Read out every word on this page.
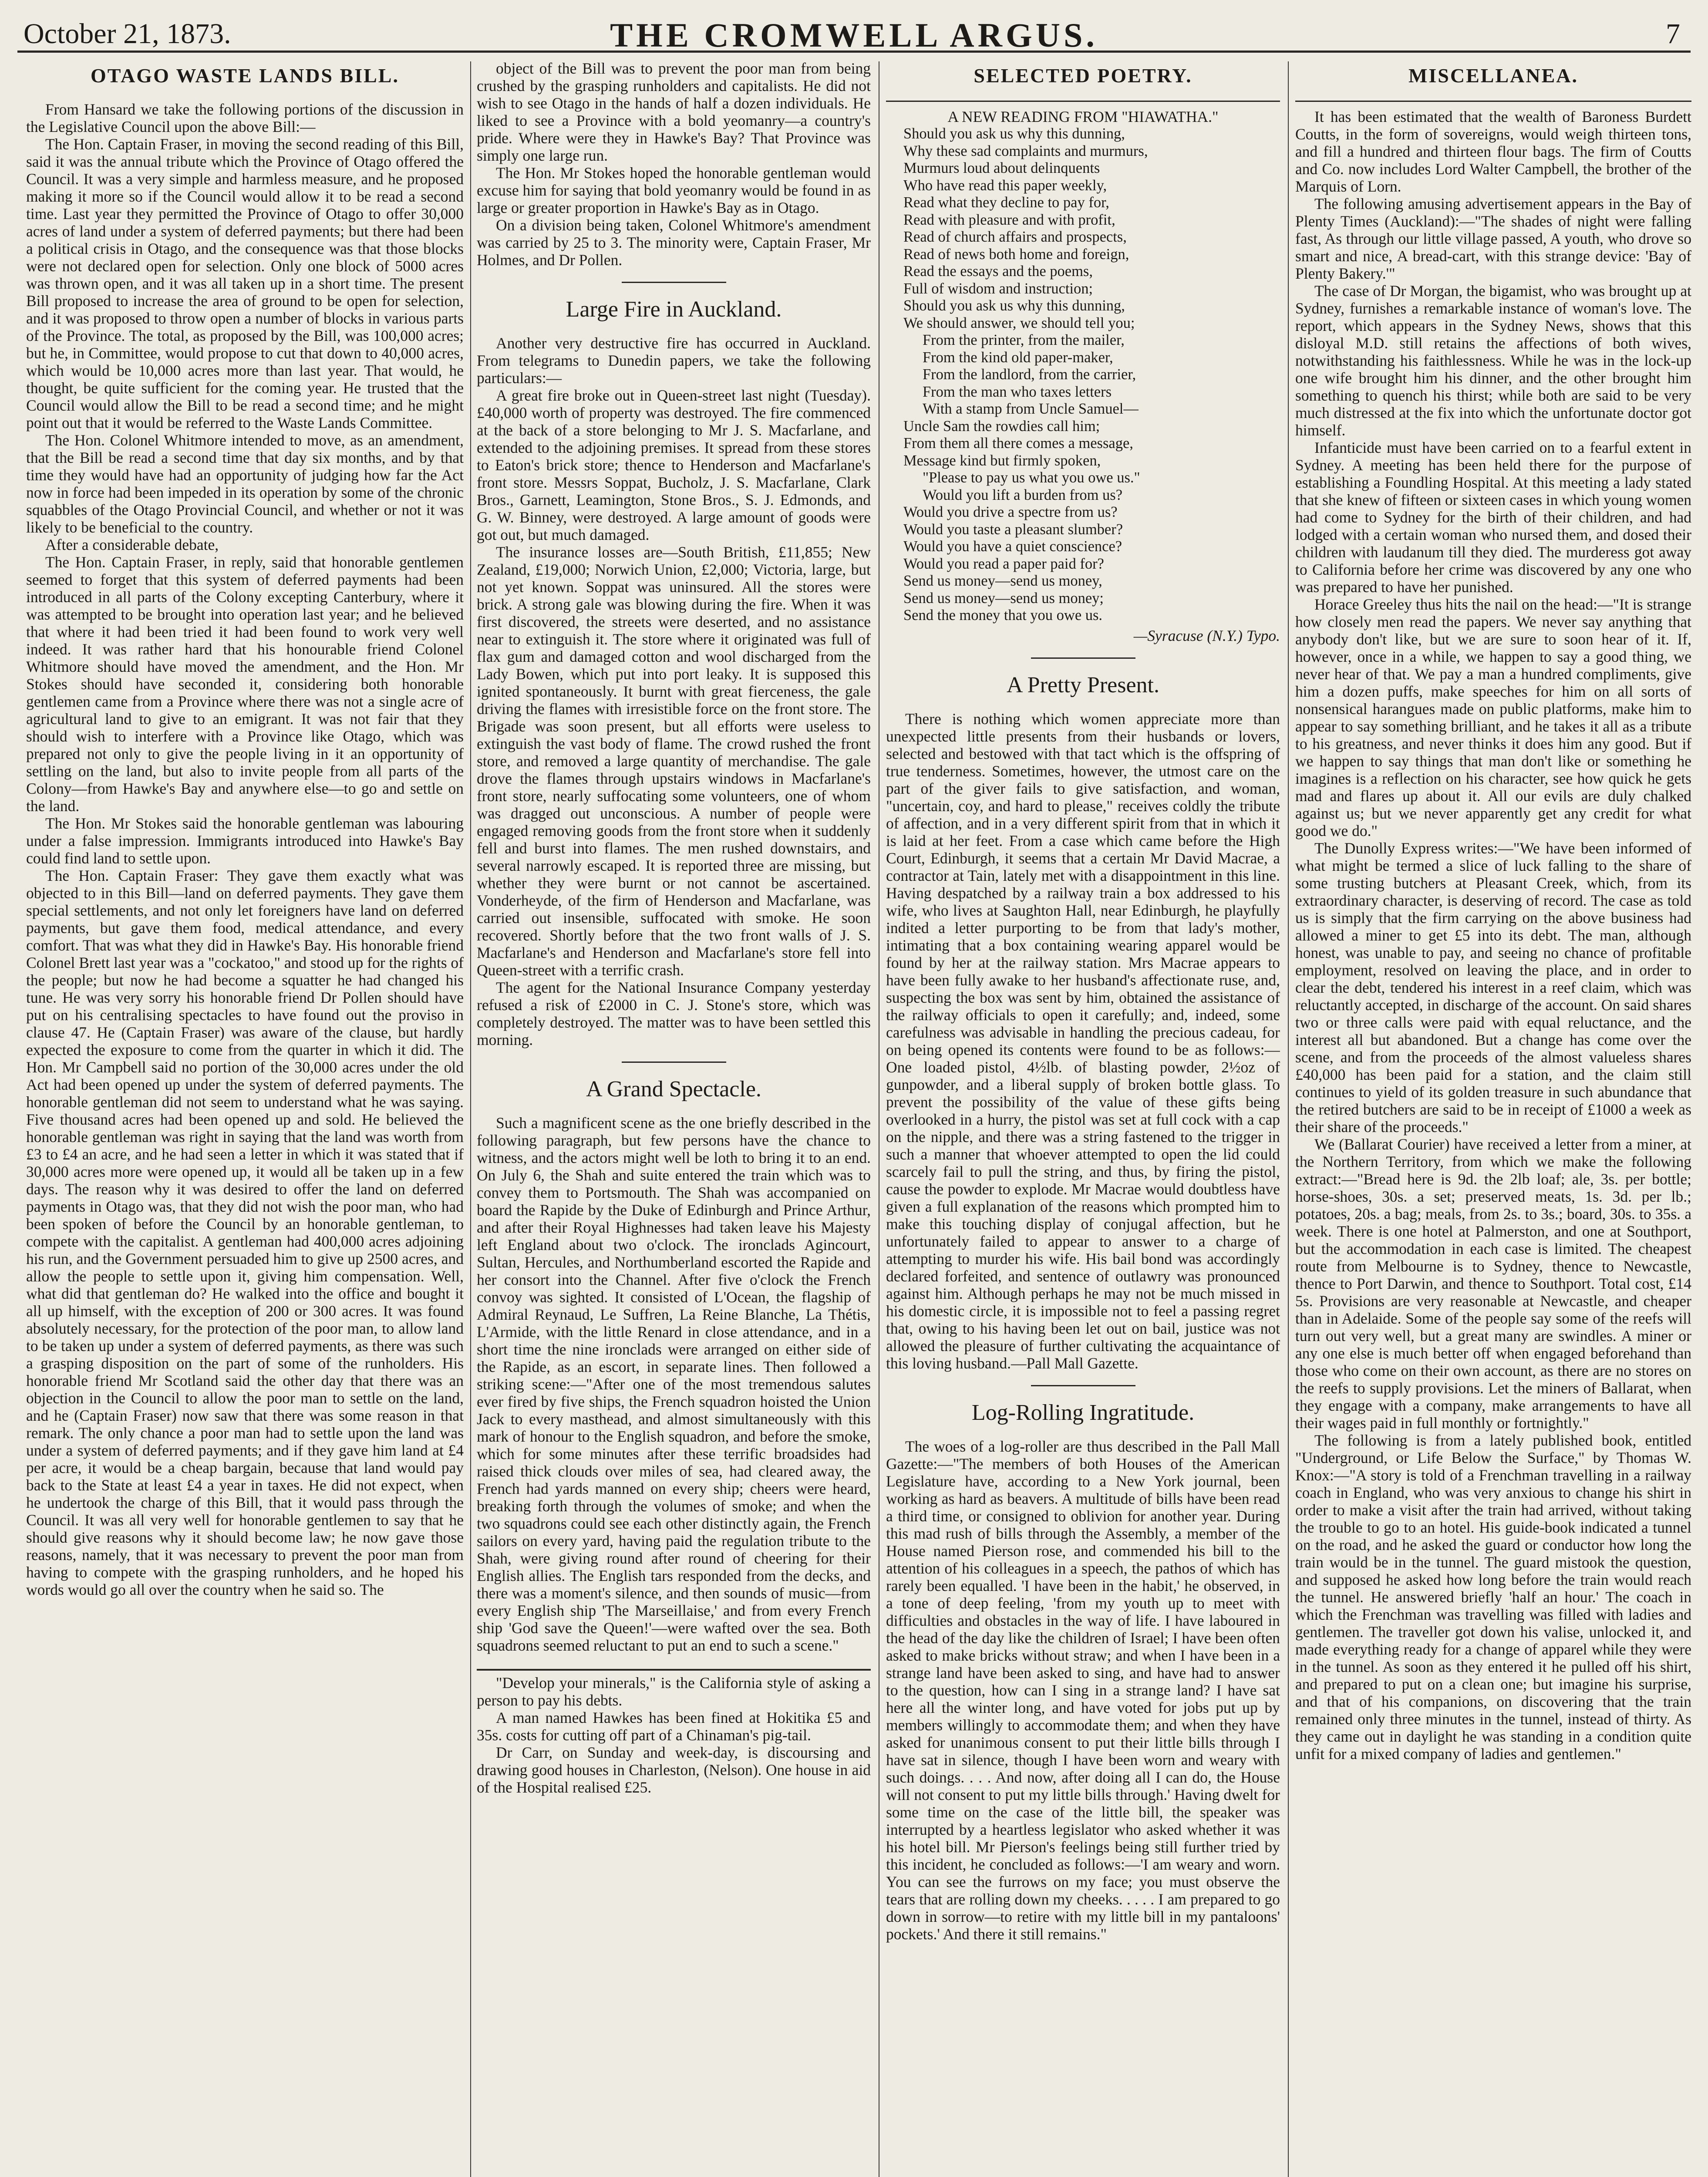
October 21, 1873.	THE CROMWELL ARGUS.	7
OTAGO WASTE LANDS BILL.

From Hansard we take the following portions of the discussion in the Legislative Council upon the above Bill:—

The Hon. Captain Fraser, in moving the second reading of this Bill, said it was the annual tribute which the Province of Otago offered the Council. It was a very simple and harmless measure, and he proposed making it more so if the Council would allow it to be read a second time. Last year they permitted the Province of Otago to offer 30,000 acres of land under a system of deferred payments; but there had been a political crisis in Otago, and the consequence was that those blocks were not declared open for selection. Only one block of 5000 acres was thrown open, and it was all taken up in a short time. The present Bill proposed to increase the area of ground to be open for selection, and it was proposed to throw open a number of blocks in various parts of the Province. The total, as proposed by the Bill, was 100,000 acres; but he, in Committee, would propose to cut that down to 40,000 acres, which would be 10,000 acres more than last year. That would, he thought, be quite sufficient for the coming year. He trusted that the Council would allow the Bill to be read a second time; and he might point out that it would be referred to the Waste Lands Committee.

The Hon. Colonel Whitmore intended to move, as an amendment, that the Bill be read a second time that day six months, and by that time they would have had an opportunity of judging how far the Act now in force had been impeded in its operation by some of the chronic squabbles of the Otago Provincial Council, and whether or not it was likely to be beneficial to the country.

After a considerable debate,

The Hon. Captain Fraser, in reply, said that honorable gentlemen seemed to forget that this system of deferred payments had been introduced in all parts of the Colony excepting Canterbury, where it was attempted to be brought into operation last year; and he believed that where it had been tried it had been found to work very well indeed. It was rather hard that his honourable friend Colonel Whitmore should have moved the amendment, and the Hon. Mr Stokes should have seconded it, considering both honorable gentlemen came from a Province where there was not a single acre of agricultural land to give to an emigrant. It was not fair that they should wish to interfere with a Province like Otago, which was prepared not only to give the people living in it an opportunity of settling on the land, but also to invite people from all parts of the Colony—from Hawke's Bay and anywhere else—to go and settle on the land.

The Hon. Mr Stokes said the honorable gentleman was labouring under a false impression. Immigrants introduced into Hawke's Bay could find land to settle upon.

The Hon. Captain Fraser: They gave them exactly what was objected to in this Bill—land on deferred payments. They gave them special settlements, and not only let foreigners have land on deferred payments, but gave them food, medical attendance, and every comfort. That was what they did in Hawke's Bay. His honorable friend Colonel Brett last year was a "cockatoo," and stood up for the rights of the people; but now he had become a squatter he had changed his tune. He was very sorry his honorable friend Dr Pollen should have put on his centralising spectacles to have found out the proviso in clause 47. He (Captain Fraser) was aware of the clause, but hardly expected the exposure to come from the quarter in which it did. The Hon. Mr Campbell said no portion of the 30,000 acres under the old Act had been opened up under the system of deferred payments. The honorable gentleman did not seem to understand what he was saying. Five thousand acres had been opened up and sold. He believed the honorable gentleman was right in saying that the land was worth from £3 to £4 an acre, and he had seen a letter in which it was stated that if 30,000 acres more were opened up, it would all be taken up in a few days. The reason why it was desired to offer the land on deferred payments in Otago was, that they did not wish the poor man, who had been spoken of before the Council by an honorable gentleman, to compete with the capitalist. A gentleman had 400,000 acres adjoining his run, and the Government persuaded him to give up 2500 acres, and allow the people to settle upon it, giving him compensation. Well, what did that gentleman do? He walked into the office and bought it all up himself, with the exception of 200 or 300 acres. It was found absolutely necessary, for the protection of the poor man, to allow land to be taken up under a system of deferred payments, as there was such a grasping disposition on the part of some of the runholders. His honorable friend Mr Scotland said the other day that there was an objection in the Council to allow the poor man to settle on the land, and he (Captain Fraser) now saw that there was some reason in that remark. The only chance a poor man had to settle upon the land was under a system of deferred payments; and if they gave him land at £4 per acre, it would be a cheap bargain, because that land would pay back to the State at least £4 a year in taxes. He did not expect, when he undertook the charge of this Bill, that it would pass through the Council. It was all very well for honorable gentlemen to say that he should give reasons why it should become law; he now gave those reasons, namely, that it was necessary to prevent the poor man from having to compete with the grasping runholders, and he hoped his words would go all over the country when he said so. The

object of the Bill was to prevent the poor man from being crushed by the grasping runholders and capitalists. He did not wish to see Otago in the hands of half a dozen individuals. He liked to see a Province with a bold yeomanry—a country's pride. Where were they in Hawke's Bay? That Province was simply one large run.

The Hon. Mr Stokes hoped the honorable gentleman would excuse him for saying that bold yeomanry would be found in as large or greater proportion in Hawke's Bay as in Otago.

On a division being taken, Colonel Whitmore's amendment was carried by 25 to 3. The minority were, Captain Fraser, Mr Holmes, and Dr Pollen.

Large Fire in Auckland.

Another very destructive fire has occurred in Auckland. From telegrams to Dunedin papers, we take the following particulars:—

A great fire broke out in Queen-street last night (Tuesday). £40,000 worth of property was destroyed. The fire commenced at the back of a store belonging to Mr J. S. Macfarlane, and extended to the adjoining premises. It spread from these stores to Eaton's brick store; thence to Henderson and Macfarlane's front store. Messrs Soppat, Bucholz, J. S. Macfarlane, Clark Bros., Garnett, Leamington, Stone Bros., S. J. Edmonds, and G. W. Binney, were destroyed. A large amount of goods were got out, but much damaged.

The insurance losses are—South British, £11,855; New Zealand, £19,000; Norwich Union, £2,000; Victoria, large, but not yet known. Soppat was uninsured. All the stores were brick. A strong gale was blowing during the fire. When it was first discovered, the streets were deserted, and no assistance near to extinguish it. The store where it originated was full of flax gum and damaged cotton and wool discharged from the Lady Bowen, which put into port leaky. It is supposed this ignited spontaneously. It burnt with great fierceness, the gale driving the flames with irresistible force on the front store. The Brigade was soon present, but all efforts were useless to extinguish the vast body of flame. The crowd rushed the front store, and removed a large quantity of merchandise. The gale drove the flames through upstairs windows in Macfarlane's front store, nearly suffocating some volunteers, one of whom was dragged out unconscious. A number of people were engaged removing goods from the front store when it suddenly fell and burst into flames. The men rushed downstairs, and several narrowly escaped. It is reported three are missing, but whether they were burnt or not cannot be ascertained. Vonderheyde, of the firm of Henderson and Macfarlane, was carried out insensible, suffocated with smoke. He soon recovered. Shortly before that the two front walls of J. S. Macfarlane's and Henderson and Macfarlane's store fell into Queen-street with a terrific crash.

The agent for the National Insurance Company yesterday refused a risk of £2000 in C. J. Stone's store, which was completely destroyed. The matter was to have been settled this morning.

A Grand Spectacle.

Such a magnificent scene as the one briefly described in the following paragraph, but few persons have the chance to witness, and the actors might well be loth to bring it to an end. On July 6, the Shah and suite entered the train which was to convey them to Portsmouth. The Shah was accompanied on board the Rapide by the Duke of Edinburgh and Prince Arthur, and after their Royal Highnesses had taken leave his Majesty left England about two o'clock. The ironclads Agincourt, Sultan, Hercules, and Northumberland escorted the Rapide and her consort into the Channel. After five o'clock the French convoy was sighted. It consisted of L'Ocean, the flagship of Admiral Reynaud, Le Suffren, La Reine Blanche, La Thétis, L'Armide, with the little Renard in close attendance, and in a short time the nine ironclads were arranged on either side of the Rapide, as an escort, in separate lines. Then followed a striking scene:—"After one of the most tremendous salutes ever fired by five ships, the French squadron hoisted the Union Jack to every masthead, and almost simultaneously with this mark of honour to the English squadron, and before the smoke, which for some minutes after these terrific broadsides had raised thick clouds over miles of sea, had cleared away, the French had yards manned on every ship; cheers were heard, breaking forth through the volumes of smoke; and when the two squadrons could see each other distinctly again, the French sailors on every yard, having paid the regulation tribute to the Shah, were giving round after round of cheering for their English allies. The English tars responded from the decks, and there was a moment's silence, and then sounds of music—from every English ship 'The Marseillaise,' and from every French ship 'God save the Queen!'—were wafted over the sea. Both squadrons seemed reluctant to put an end to such a scene."

"Develop your minerals," is the California style of asking a person to pay his debts.

A man named Hawkes has been fined at Hokitika £5 and 35s. costs for cutting off part of a Chinaman's pig-tail.

Dr Carr, on Sunday and week-day, is discoursing and drawing good houses in Charleston, (Nelson). One house in aid of the Hospital realised £25.

SELECTED POETRY.

A NEW READING FROM "HIAWATHA."

Should you ask us why this dunning,
Why these sad complaints and murmurs,
Murmurs loud about delinquents
Who have read this paper weekly,
Read what they decline to pay for,
Read with pleasure and with profit,
Read of church affairs and prospects,
Read of news both home and foreign,
Read the essays and the poems,
Full of wisdom and instruction;
Should you ask us why this dunning,
We should answer, we should tell you;
From the printer, from the mailer,
From the kind old paper-maker,
From the landlord, from the carrier,
From the man who taxes letters
With a stamp from Uncle Samuel—
Uncle Sam the rowdies call him;
From them all there comes a message,
Message kind but firmly spoken,
"Please to pay us what you owe us."
Would you lift a burden from us?
Would you drive a spectre from us?
Would you taste a pleasant slumber?
Would you have a quiet conscience?
Would you read a paper paid for?
Send us money—send us money,
Send us money—send us money;
Send the money that you owe us.
—Syracuse (N.Y.) Typo.
A Pretty Present.

There is nothing which women appreciate more than unexpected little presents from their husbands or lovers, selected and bestowed with that tact which is the offspring of true tenderness. Sometimes, however, the utmost care on the part of the giver fails to give satisfaction, and woman, "uncertain, coy, and hard to please," receives coldly the tribute of affection, and in a very different spirit from that in which it is laid at her feet. From a case which came before the High Court, Edinburgh, it seems that a certain Mr David Macrae, a contractor at Tain, lately met with a disappointment in this line. Having despatched by a railway train a box addressed to his wife, who lives at Saughton Hall, near Edinburgh, he playfully indited a letter purporting to be from that lady's mother, intimating that a box containing wearing apparel would be found by her at the railway station. Mrs Macrae appears to have been fully awake to her husband's affectionate ruse, and, suspecting the box was sent by him, obtained the assistance of the railway officials to open it carefully; and, indeed, some carefulness was advisable in handling the precious cadeau, for on being opened its contents were found to be as follows:—One loaded pistol, 4½lb. of blasting powder, 2½oz of gunpowder, and a liberal supply of broken bottle glass. To prevent the possibility of the value of these gifts being overlooked in a hurry, the pistol was set at full cock with a cap on the nipple, and there was a string fastened to the trigger in such a manner that whoever attempted to open the lid could scarcely fail to pull the string, and thus, by firing the pistol, cause the powder to explode. Mr Macrae would doubtless have given a full explanation of the reasons which prompted him to make this touching display of conjugal affection, but he unfortunately failed to appear to answer to a charge of attempting to murder his wife. His bail bond was accordingly declared forfeited, and sentence of outlawry was pronounced against him. Although perhaps he may not be much missed in his domestic circle, it is impossible not to feel a passing regret that, owing to his having been let out on bail, justice was not allowed the pleasure of further cultivating the acquaintance of this loving husband.—Pall Mall Gazette.

Log-Rolling Ingratitude.

The woes of a log-roller are thus described in the Pall Mall Gazette:—"The members of both Houses of the American Legislature have, according to a New York journal, been working as hard as beavers. A multitude of bills have been read a third time, or consigned to oblivion for another year. During this mad rush of bills through the Assembly, a member of the House named Pierson rose, and commended his bill to the attention of his colleagues in a speech, the pathos of which has rarely been equalled. 'I have been in the habit,' he observed, in a tone of deep feeling, 'from my youth up to meet with difficulties and obstacles in the way of life. I have laboured in the head of the day like the children of Israel; I have been often asked to make bricks without straw; and when I have been in a strange land have been asked to sing, and have had to answer to the question, how can I sing in a strange land? I have sat here all the winter long, and have voted for jobs put up by members willingly to accommodate them; and when they have asked for unanimous consent to put their little bills through I have sat in silence, though I have been worn and weary with such doings. . . . And now, after doing all I can do, the House will not consent to put my little bills through.' Having dwelt for some time on the case of the little bill, the speaker was interrupted by a heartless legislator who asked whether it was his hotel bill. Mr Pierson's feelings being still further tried by this incident, he concluded as follows:—'I am weary and worn. You can see the furrows on my face; you must observe the tears that are rolling down my cheeks. . . . . I am prepared to go down in sorrow—to retire with my little bill in my pantaloons' pockets.' And there it still remains."

MISCELLANEA.

It has been estimated that the wealth of Baroness Burdett Coutts, in the form of sovereigns, would weigh thirteen tons, and fill a hundred and thirteen flour bags. The firm of Coutts and Co. now includes Lord Walter Campbell, the brother of the Marquis of Lorn.

The following amusing advertisement appears in the Bay of Plenty Times (Auckland):—"The shades of night were falling fast, As through our little village passed, A youth, who drove so smart and nice, A bread-cart, with this strange device: 'Bay of Plenty Bakery.'"

The case of Dr Morgan, the bigamist, who was brought up at Sydney, furnishes a remarkable instance of woman's love. The report, which appears in the Sydney News, shows that this disloyal M.D. still retains the affections of both wives, notwithstanding his faithlessness. While he was in the lock-up one wife brought him his dinner, and the other brought him something to quench his thirst; while both are said to be very much distressed at the fix into which the unfortunate doctor got himself.

Infanticide must have been carried on to a fearful extent in Sydney. A meeting has been held there for the purpose of establishing a Foundling Hospital. At this meeting a lady stated that she knew of fifteen or sixteen cases in which young women had come to Sydney for the birth of their children, and had lodged with a certain woman who nursed them, and dosed their children with laudanum till they died. The murderess got away to California before her crime was discovered by any one who was prepared to have her punished.

Horace Greeley thus hits the nail on the head:—"It is strange how closely men read the papers. We never say anything that anybody don't like, but we are sure to soon hear of it. If, however, once in a while, we happen to say a good thing, we never hear of that. We pay a man a hundred compliments, give him a dozen puffs, make speeches for him on all sorts of nonsensical harangues made on public platforms, make him to appear to say something brilliant, and he takes it all as a tribute to his greatness, and never thinks it does him any good. But if we happen to say things that man don't like or something he imagines is a reflection on his character, see how quick he gets mad and flares up about it. All our evils are duly chalked against us; but we never apparently get any credit for what good we do."

The Dunolly Express writes:—"We have been informed of what might be termed a slice of luck falling to the share of some trusting butchers at Pleasant Creek, which, from its extraordinary character, is deserving of record. The case as told us is simply that the firm carrying on the above business had allowed a miner to get £5 into its debt. The man, although honest, was unable to pay, and seeing no chance of profitable employment, resolved on leaving the place, and in order to clear the debt, tendered his interest in a reef claim, which was reluctantly accepted, in discharge of the account. On said shares two or three calls were paid with equal reluctance, and the interest all but abandoned. But a change has come over the scene, and from the proceeds of the almost valueless shares £40,000 has been paid for a station, and the claim still continues to yield of its golden treasure in such abundance that the retired butchers are said to be in receipt of £1000 a week as their share of the proceeds."

We (Ballarat Courier) have received a letter from a miner, at the Northern Territory, from which we make the following extract:—"Bread here is 9d. the 2lb loaf; ale, 3s. per bottle; horse-shoes, 30s. a set; preserved meats, 1s. 3d. per lb.; potatoes, 20s. a bag; meals, from 2s. to 3s.; board, 30s. to 35s. a week. There is one hotel at Palmerston, and one at Southport, but the accommodation in each case is limited. The cheapest route from Melbourne is to Sydney, thence to Newcastle, thence to Port Darwin, and thence to Southport. Total cost, £14 5s. Provisions are very reasonable at Newcastle, and cheaper than in Adelaide. Some of the people say some of the reefs will turn out very well, but a great many are swindles. A miner or any one else is much better off when engaged beforehand than those who come on their own account, as there are no stores on the reefs to supply provisions. Let the miners of Ballarat, when they engage with a company, make arrangements to have all their wages paid in full monthly or fortnightly."

The following is from a lately published book, entitled "Underground, or Life Below the Surface," by Thomas W. Knox:—"A story is told of a Frenchman travelling in a railway coach in England, who was very anxious to change his shirt in order to make a visit after the train had arrived, without taking the trouble to go to an hotel. His guide-book indicated a tunnel on the road, and he asked the guard or conductor how long the train would be in the tunnel. The guard mistook the question, and supposed he asked how long before the train would reach the tunnel. He answered briefly 'half an hour.' The coach in which the Frenchman was travelling was filled with ladies and gentlemen. The traveller got down his valise, unlocked it, and made everything ready for a change of apparel while they were in the tunnel. As soon as they entered it he pulled off his shirt, and prepared to put on a clean one; but imagine his surprise, and that of his companions, on discovering that the train remained only three minutes in the tunnel, instead of thirty. As they came out in daylight he was standing in a condition quite unfit for a mixed company of ladies and gentlemen."
